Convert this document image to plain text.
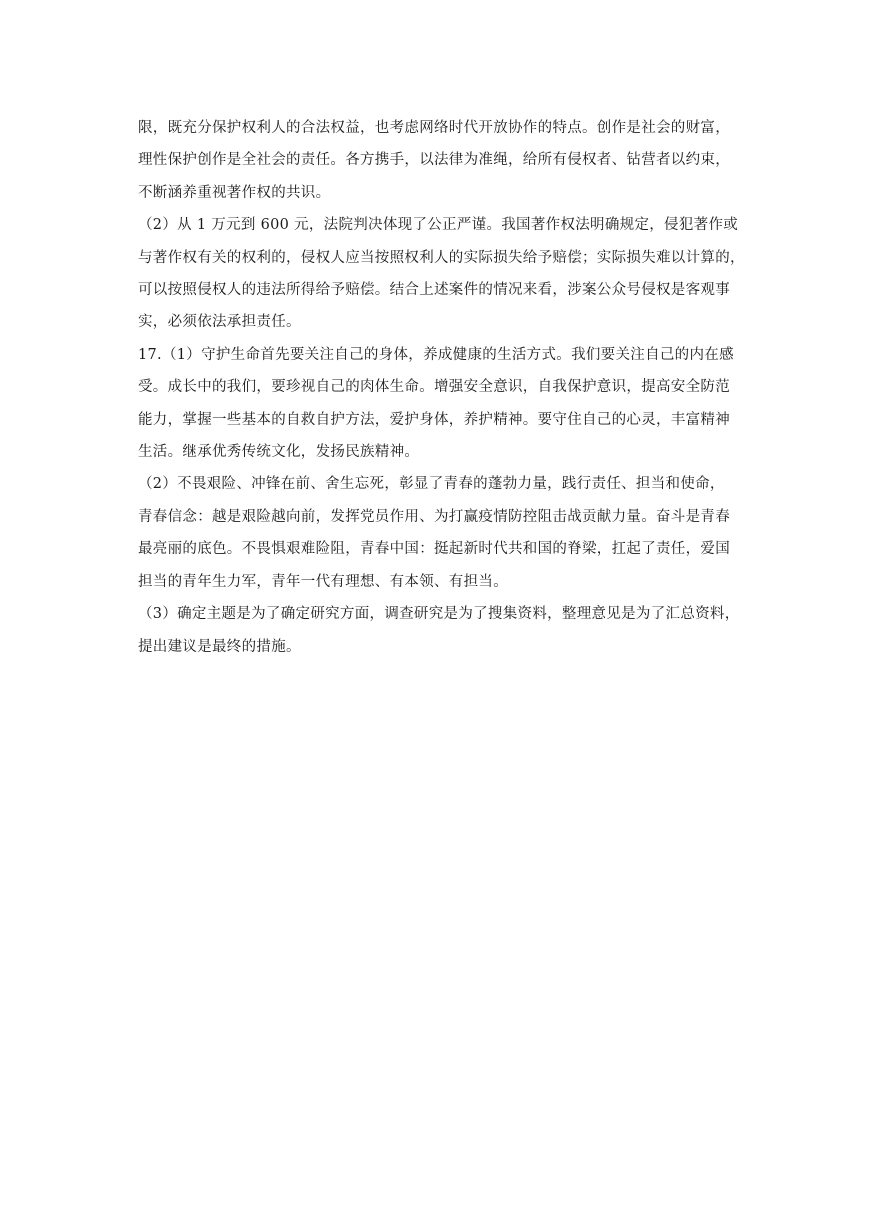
限，既充分保护权利人的合法权益，也考虑网络时代开放协作的特点。创作是社会的财富，
理性保护创作是全社会的责任。各方携手，以法律为准绳，给所有侵权者、钻营者以约束，
不断涵养重视著作权的共识。

（2）从 1 万元到 600 元，法院判决体现了公正严谨。我国著作权法明确规定，侵犯著作或
与著作权有关的权利的，侵权人应当按照权利人的实际损失给予赔偿；实际损失难以计算的，
可以按照侵权人的违法所得给予赔偿。结合上述案件的情况来看，涉案公众号侵权是客观事
实，必须依法承担责任。

17.（1）守护生命首先要关注自己的身体，养成健康的生活方式。我们要关注自己的内在感
受。成长中的我们，要珍视自己的肉体生命。增强安全意识，自我保护意识，提高安全防范
能力，掌握一些基本的自救自护方法，爱护身体，养护精神。要守住自己的心灵，丰富精神
生活。继承优秀传统文化，发扬民族精神。

（2）不畏艰险、冲锋在前、舍生忘死，彰显了青春的蓬勃力量，践行责任、担当和使命，
青春信念：越是艰险越向前，发挥党员作用、为打赢疫情防控阻击战贡献力量。奋斗是青春
最亮丽的底色。不畏惧艰难险阻，青春中国：挺起新时代共和国的脊梁，扛起了责任，爱国
担当的青年生力军，青年一代有理想、有本领、有担当。

（3）确定主题是为了确定研究方面，调查研究是为了搜集资料，整理意见是为了汇总资料，
提出建议是最终的措施。
